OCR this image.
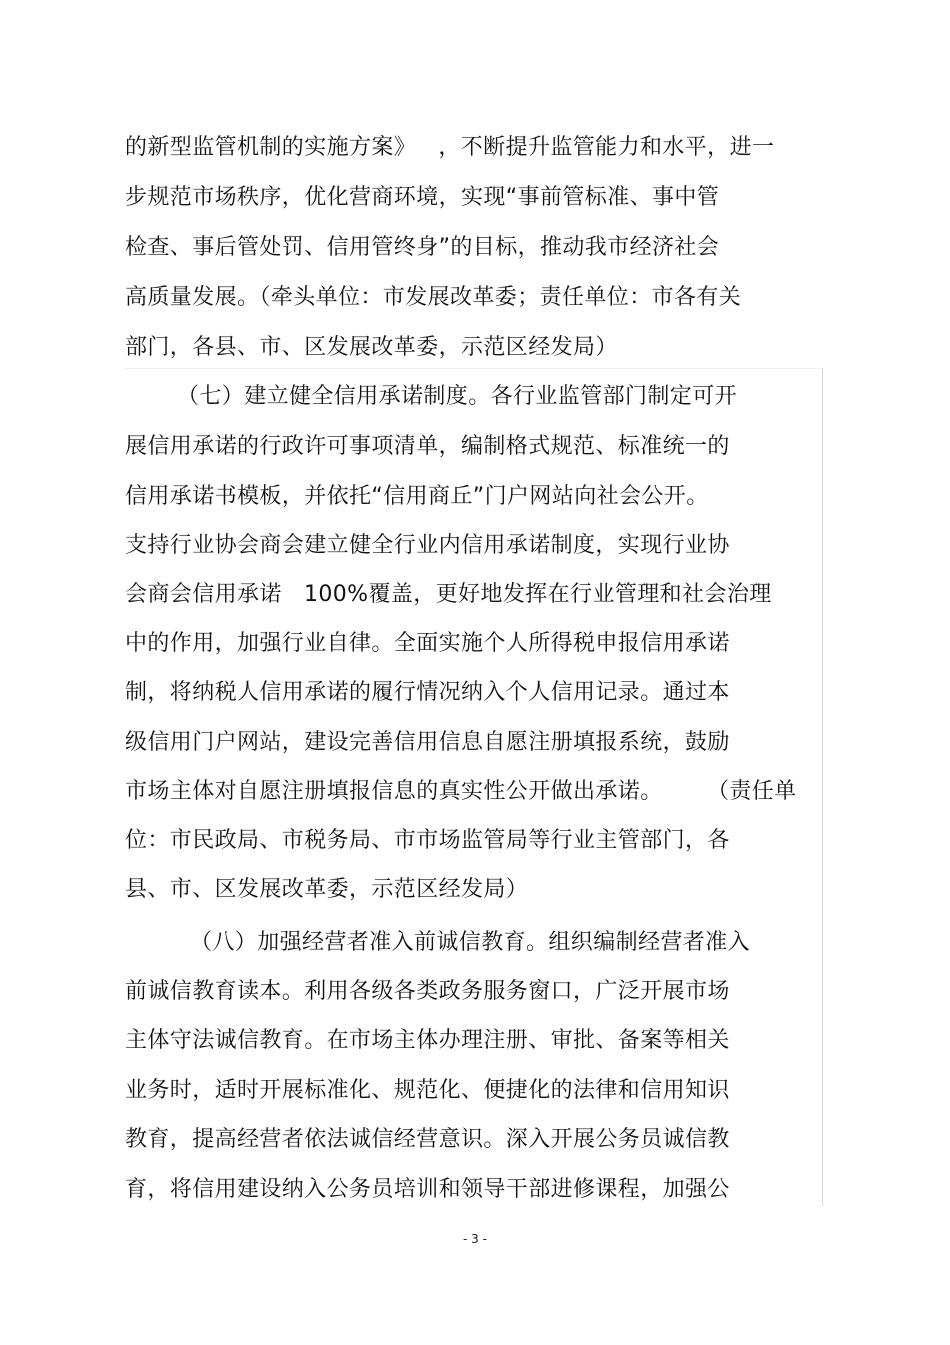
的新型监管机制的实施方案》   ，不断提升监管能力和水平，进一
步规范市场秩序，优化营商环境，实现“事前管标准、事中管
检查、事后管处罚、信用管终身”的目标，推动我市经济社会
高质量发展。（牵头单位：市发展改革委；责任单位：市各有关
部门，各县、市、区发展改革委，示范区经发局）
（七）建立健全信用承诺制度。各行业监管部门制定可开
展信用承诺的行政许可事项清单，编制格式规范、标准统一的
信用承诺书模板，并依托“信用商丘”门户网站向社会公开。
支持行业协会商会建立健全行业内信用承诺制度，实现行业协
会商会信用承诺   100%覆盖，更好地发挥在行业管理和社会治理
中的作用，加强行业自律。全面实施个人所得税申报信用承诺
制，将纳税人信用承诺的履行情况纳入个人信用记录。通过本
级信用门户网站，建设完善信用信息自愿注册填报系统，鼓励
市场主体对自愿注册填报信息的真实性公开做出承诺。      （责任单
位：市民政局、市税务局、市市场监管局等行业主管部门，各
县、市、区发展改革委，示范区经发局）
（八）加强经营者准入前诚信教育。组织编制经营者准入
前诚信教育读本。利用各级各类政务服务窗口，广泛开展市场
主体守法诚信教育。在市场主体办理注册、审批、备案等相关
业务时，适时开展标准化、规范化、便捷化的法律和信用知识
教育，提高经营者依法诚信经营意识。深入开展公务员诚信教
育，将信用建设纳入公务员培训和领导干部进修课程，加强公
- 3 -
